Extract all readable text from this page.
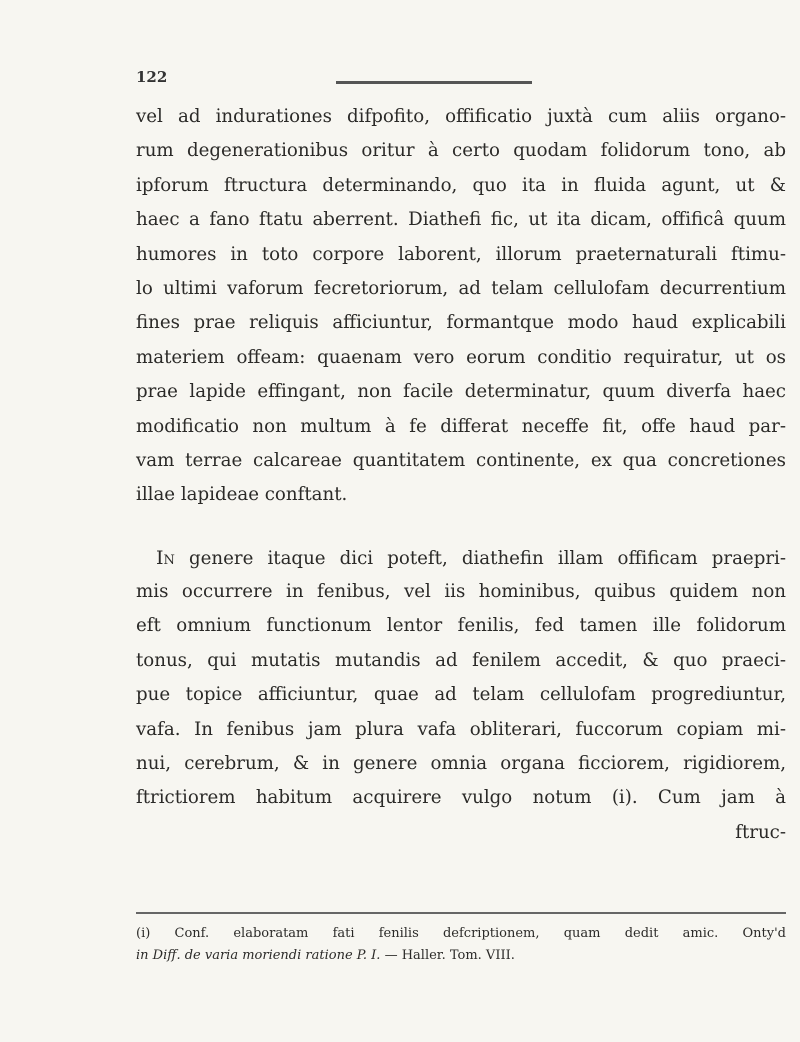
122
vel ad indurationes difpofito, offificatio juxtà cum aliis organo-
rum degenerationibus oritur à certo quodam folidorum tono, ab
ipforum ftructura determinando, quo ita in fluida agunt, ut &
haec a fano ftatu aberrent. Diathefi fic, ut ita dicam, offificâ quum
humores in toto corpore laborent, illorum praeternaturali ftimu-
lo ultimi vaforum fecretoriorum, ad telam cellulofam decurrentium
fines prae reliquis afficiuntur, formantque modo haud explicabili
materiem offeam: quaenam vero eorum conditio requiratur, ut os
prae lapide effingant, non facile determinatur, quum diverfa haec
modificatio non multum à fe differat neceffe fit, offe haud par-
vam terrae calcareae quantitatem continente, ex qua concretiones
illae lapideae conftant.
In genere itaque dici poteft, diathefin illam offificam praepri-
mis occurrere in fenibus, vel iis hominibus, quibus quidem non
eft omnium functionum lentor fenilis, fed tamen ille folidorum
tonus, qui mutatis mutandis ad fenilem accedit, & quo praeci-
pue topice afficiuntur, quae ad telam cellulofam progrediuntur,
vafa. In fenibus jam plura vafa obliterari, fuccorum copiam mi-
nui, cerebrum, & in genere omnia organa ficciorem, rigidiorem,
ftrictiorem habitum acquirere vulgo notum (i). Cum jam à
ftruc-
(i) Conf. elaboratam fati fenilis defcriptionem, quam dedit amic. Onty'd
in Diff. de varia moriendi ratione P. I. — Haller. Tom. VIII.
